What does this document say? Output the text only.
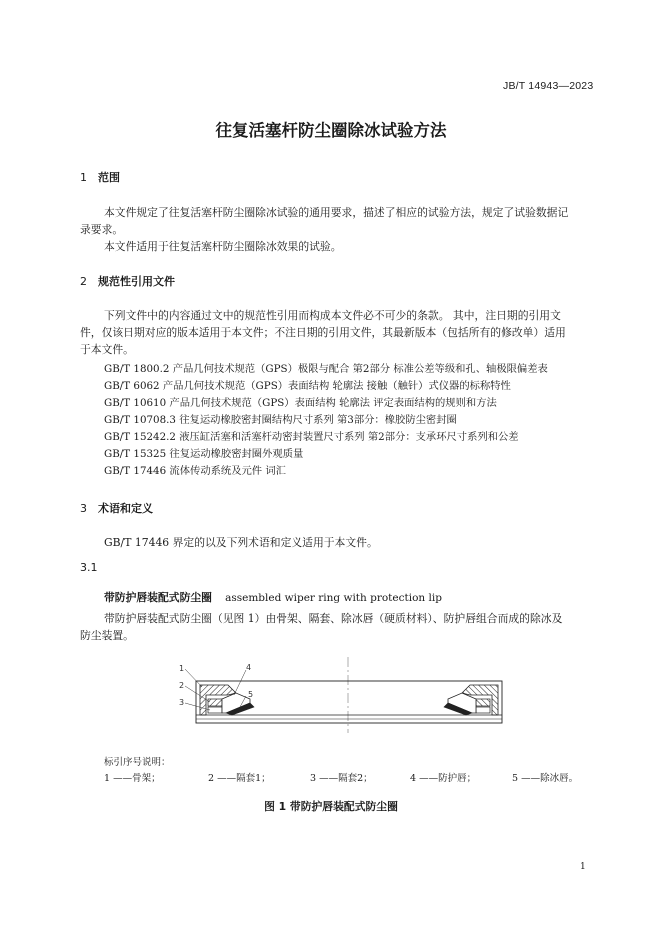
JB/T 14943—2023
往复活塞杆防尘圈除冰试验方法
1 范围
本文件规定了往复活塞杆防尘圈除冰试验的通用要求，描述了相应的试验方法，规定了试验数据记
录要求。
本文件适用于往复活塞杆防尘圈除冰效果的试验。
2 规范性引用文件
下列文件中的内容通过文中的规范性引用而构成本文件必不可少的条款。 其中，注日期的引用文
件，仅该日期对应的版本适用于本文件；不注日期的引用文件，其最新版本（包括所有的修改单）适用
于本文件。
GB/T 1800.2 产品几何技术规范（GPS）极限与配合 第2部分 标准公差等级和孔、轴极限偏差表
GB/T 6062 产品几何技术规范（GPS）表面结构 轮廓法 接触（触针）式仪器的标称特性
GB/T 10610 产品几何技术规范（GPS）表面结构 轮廓法 评定表面结构的规则和方法
GB/T 10708.3 往复运动橡胶密封圈结构尺寸系列 第3部分：橡胶防尘密封圈
GB/T 15242.2 液压缸活塞和活塞杆动密封装置尺寸系列 第2部分：支承环尺寸系列和公差
GB/T 15325 往复运动橡胶密封圈外观质量
GB/T 17446 流体传动系统及元件 词汇
3 术语和定义
GB/T 17446 界定的以及下列术语和定义适用于本文件。
3.1
带防护唇装配式防尘圈 assembled wiper ring with protection lip
带防护唇装配式防尘圈（见图 1）由骨架、隔套、除冰唇（硬质材料）、防护唇组合而成的除冰及
防尘装置。
1
2
3
4
5
标引序号说明：
1 ——骨架；	2 ——隔套1；	3 ——隔套2；	4 ——防护唇；	5 ——除冰唇。
图 1 带防护唇装配式防尘圈
1
